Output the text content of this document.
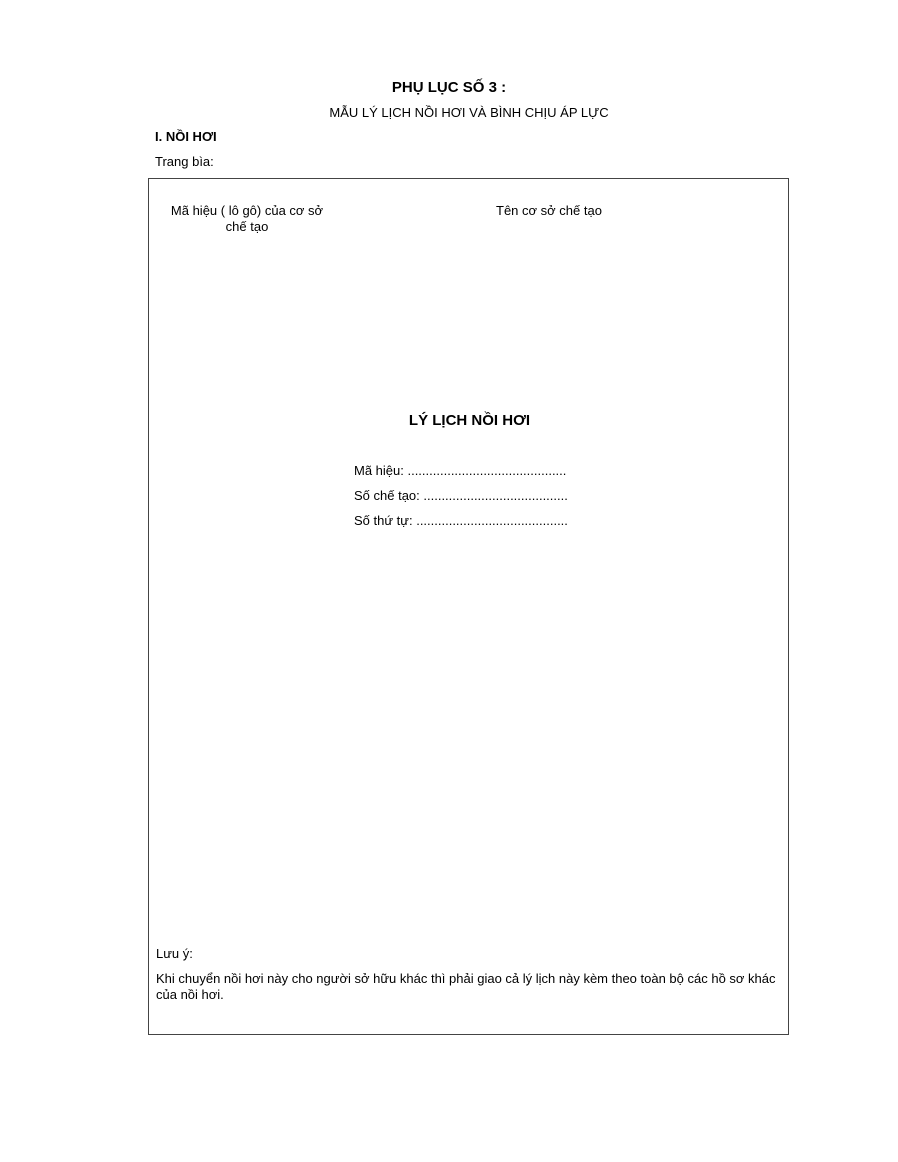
PHỤ LỤC SỐ 3 :
MẪU LÝ LỊCH NỒI HƠI VÀ BÌNH CHỊU ÁP LỰC
I. NỒI HƠI
Trang bìa:
Mã hiệu ( lô gô) của cơ sở chế tạo
Tên cơ sở chế tạo
LÝ LỊCH NỒI HƠI
Mã hiệu: ............................................
Số chế tạo: ........................................
Số thứ tự: ..........................................
Lưu ý:
Khi chuyển nồi hơi này cho người sở hữu khác thì phải giao cả lý lịch này kèm theo toàn bộ các hồ sơ khác của nồi hơi.
